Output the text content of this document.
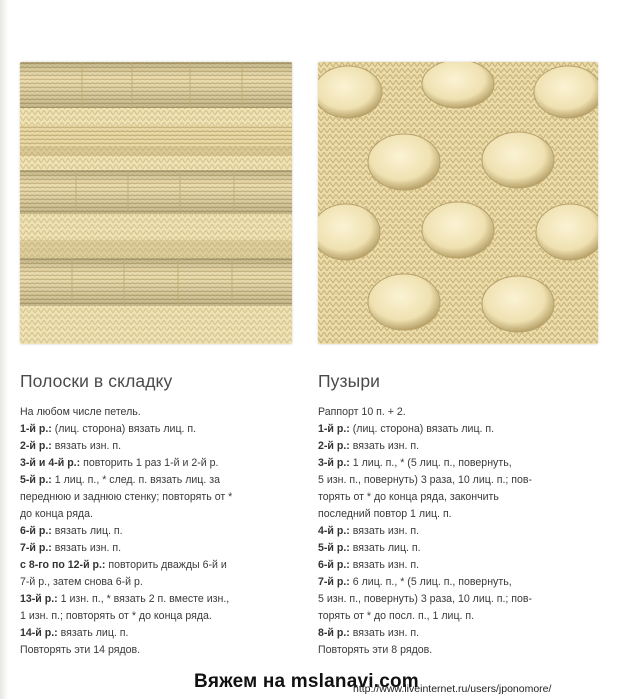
Полоски в складку
На любом числе петель.
1-й р.: (лиц. сторона) вязать лиц. п.
2-й р.: вязать изн. п.
3-й и 4-й р.: повторить 1 раз 1-й и 2-й р.
5-й р.: 1 лиц. п., * след. п. вязать лиц. за
переднюю и заднюю стенку; повторять от *
до конца ряда.
6-й р.: вязать лиц. п.
7-й р.: вязать изн. п.
с 8-го по 12-й р.: повторить дважды 6-й и
7-й р., затем снова 6-й р.
13-й р.: 1 изн. п., * вязать 2 п. вместе изн.,
1 изн. п.; повторять от * до конца ряда.
14-й р.: вязать лиц. п.
Повторять эти 14 рядов.
Пузыри
Раппорт 10 п. + 2.
1-й р.: (лиц. сторона) вязать лиц. п.
2-й р.: вязать изн. п.
3-й р.: 1 лиц. п., * (5 лиц. п., повернуть,
5 изн. п., повернуть) 3 раза, 10 лиц. п.; пов-
торять от * до конца ряда, закончить
последний повтор 1 лиц. п.
4-й р.: вязать изн. п.
5-й р.: вязать лиц. п.
6-й р.: вязать изн. п.
7-й р.: 6 лиц. п., * (5 лиц. п., повернуть,
5 изн. п., повернуть) 3 раза, 10 лиц. п.; пов-
торять от * до посл. п., 1 лиц. п.
8-й р.: вязать изн. п.
Повторять эти 8 рядов.
Вяжем на mslanavi.com
http://www.liveinternet.ru/users/jponomore/
